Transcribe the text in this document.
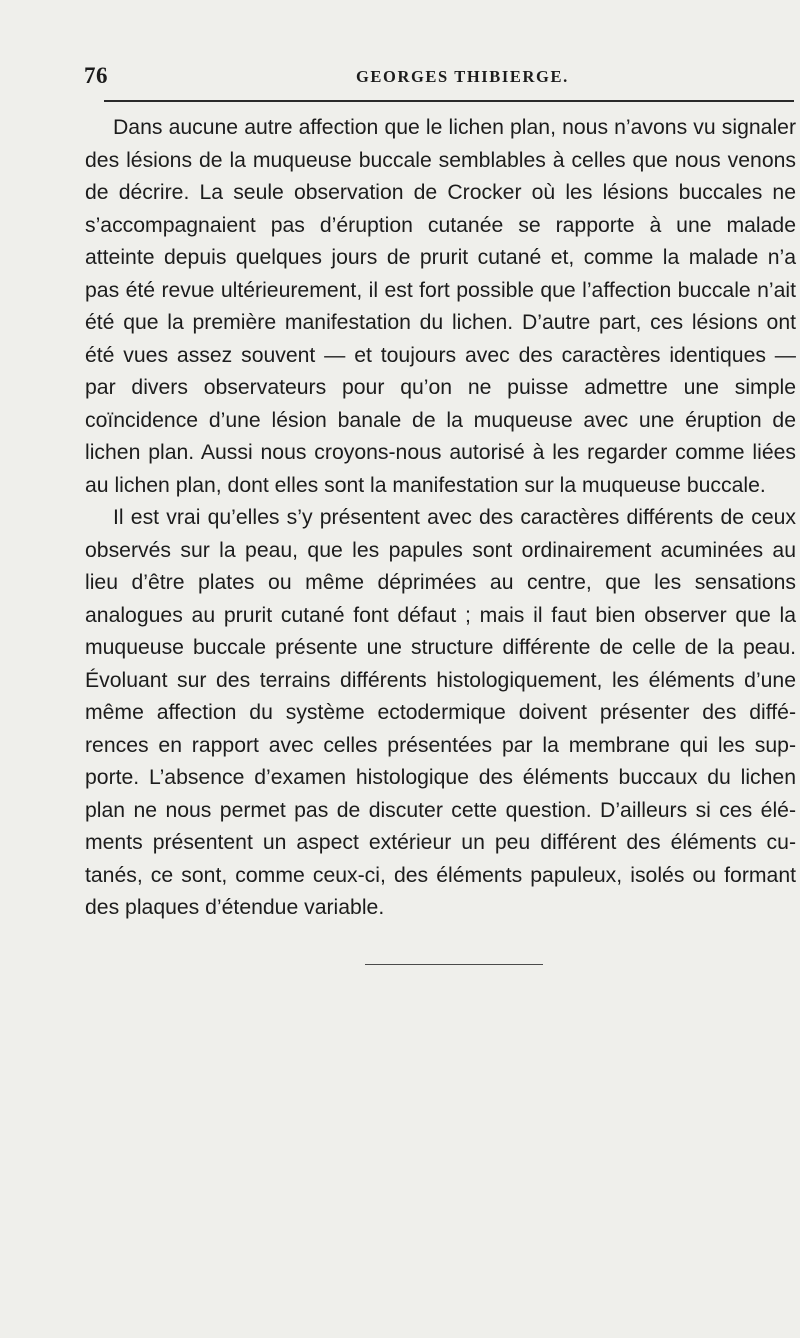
76	GEORGES THIBIERGE.

Dans aucune autre affection que le lichen plan, nous n’avons vu signaler des lésions de la muqueuse buccale semblables à celles que nous venons de décrire. La seule observation de Crocker où les lésions buccales ne s’accompagnaient pas d’éruption cutanée se rapporte à une malade atteinte depuis quelques jours de prurit cutané et, comme la malade n’a pas été revue ultérieurement, il est fort possible que l’affection buccale n’ait été que la première manifestation du lichen. D’autre part, ces lésions ont été vues assez souvent — et toujours avec des caractères identiques — par divers observateurs pour qu’on ne puisse admettre une simple coïncidence d’une lésion banale de la muqueuse avec une éruption de lichen plan. Aussi nous croyons-nous autorisé à les regarder comme liées au lichen plan, dont elles sont la manifestation sur la muqueuse buccale.

Il est vrai qu’elles s’y présentent avec des caractères différents de ceux observés sur la peau, que les papules sont ordinairement acuminées au lieu d’être plates ou même déprimées au centre, que les sensations analogues au prurit cutané font défaut ; mais il faut bien observer que la muqueuse buccale présente une structure différente de celle de la peau. Évoluant sur des terrains différents histologiquement, les éléments d’une même affection du système ectodermique doivent présenter des différences en rapport avec celles présentées par la membrane qui les supporte. L’absence d’examen histologique des éléments buccaux du lichen plan ne nous permet pas de discuter cette question. D’ailleurs si ces éléments présentent un aspect extérieur un peu différent des éléments cutanés, ce sont, comme ceux-ci, des éléments papuleux, isolés ou formant des plaques d’étendue variable.
